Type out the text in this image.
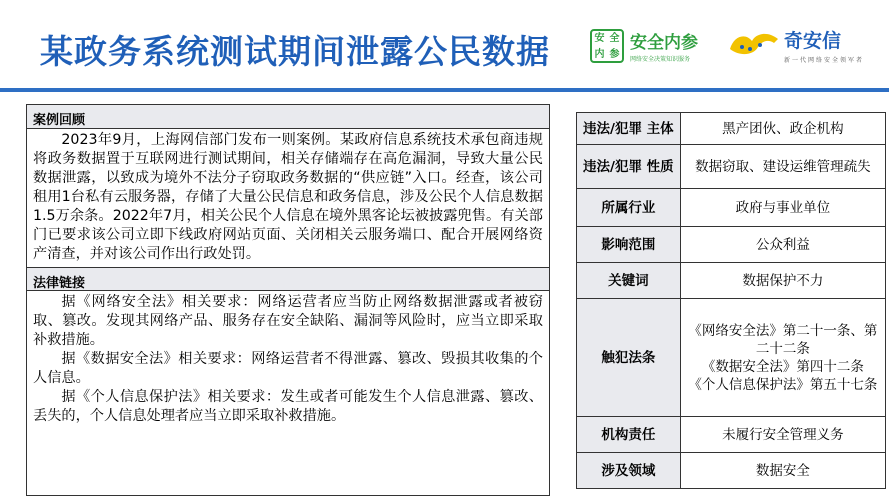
某政务系统测试期间泄露公民数据	安 全
内 参
安全内参
网络安全决策知识服务
奇安信
新一代网络安全领军者
案例回顾

2023年9月，上海网信部门发布一则案例。某政府信息系统技术承包商违规将政务数据置于互联网进行测试期间，相关存储端存在高危漏洞，导致大量公民数据泄露，以致成为境外不法分子窃取政务数据的“供应链”入口。经查，该公司租用1台私有云服务器，存储了大量公民信息和政务信息，涉及公民个人信息数据1.5万余条。2022年7月，相关公民个人信息在境外黑客论坛被披露兜售。有关部门已要求该公司立即下线政府网站页面、关闭相关云服务端口、配合开展网络资产清查，并对该公司作出行政处罚。

法律链接

据《网络安全法》相关要求：网络运营者应当防止网络数据泄露或者被窃取、篡改。发现其网络产品、服务存在安全缺陷、漏洞等风险时，应当立即采取补救措施。

据《数据安全法》相关要求：网络运营者不得泄露、篡改、毁损其收集的个人信息。

据《个人信息保护法》相关要求：发生或者可能发生个人信息泄露、篡改、丢失的，个人信息处理者应当立即采取补救措施。

违法/犯罪 主体	黑产团伙、政企机构
违法/犯罪 性质	数据窃取、建设运维管理疏失
所属行业	政府与事业单位
影响范围	公众利益
关键词	数据保护不力
触犯法条	《网络安全法》第二十一条、第二十二条
《数据安全法》第四十二条
《个人信息保护法》第五十七条
机构责任	未履行安全管理义务
涉及领域	数据安全
